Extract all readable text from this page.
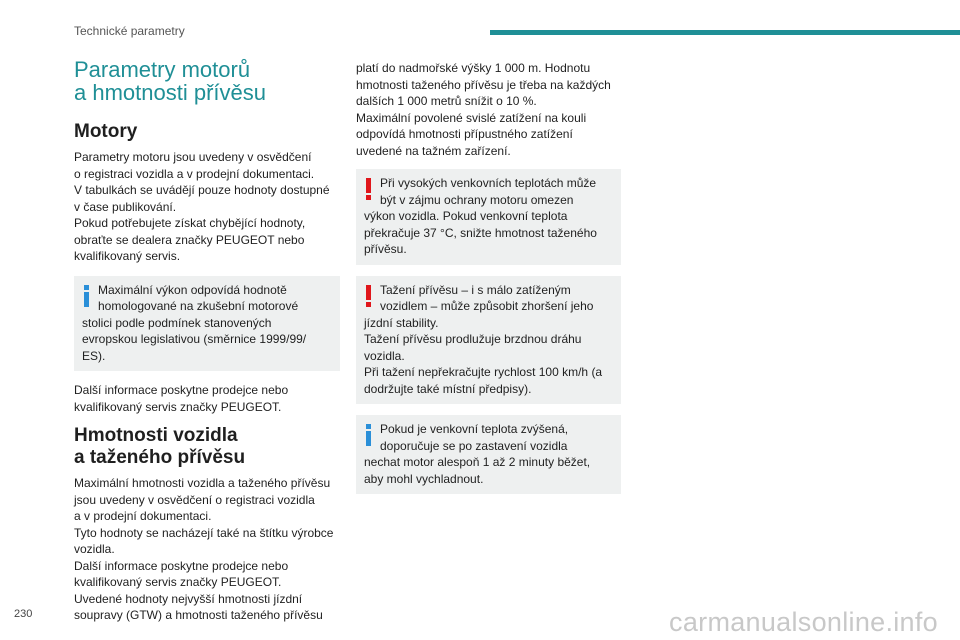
Technické parametry
Parametry motorů
a hmotnosti přívěsu
Motory

Parametry motoru jsou uvedeny v osvědčení
o registraci vozidla a v prodejní dokumentaci.
V tabulkách se uvádějí pouze hodnoty dostupné
v čase publikování.
Pokud potřebujete získat chybějící hodnoty,
obraťte se dealera značky PEUGEOT nebo
kvalifikovaný servis.

Maximální výkon odpovídá hodnotě
homologované na zkušební motorové
stolici podle podmínek stanovených
evropskou legislativou (směrnice 1999/99/
ES).

Další informace poskytne prodejce nebo
kvalifikovaný servis značky PEUGEOT.

Hmotnosti vozidla
a taženého přívěsu

Maximální hmotnosti vozidla a taženého přívěsu
jsou uvedeny v osvědčení o registraci vozidla
a v prodejní dokumentaci.
Tyto hodnoty se nacházejí také na štítku výrobce
vozidla.
Další informace poskytne prodejce nebo
kvalifikovaný servis značky PEUGEOT.
Uvedené hodnoty nejvyšší hmotnosti jízdní
soupravy (GTW) a hmotnosti taženého přívěsu

platí do nadmořské výšky 1 000 m. Hodnotu
hmotnosti taženého přívěsu je třeba na každých
dalších 1 000 metrů snížit o 10 %.
Maximální povolené svislé zatížení na kouli
odpovídá hmotnosti přípustného zatížení
uvedené na tažném zařízení.

Při vysokých venkovních teplotách může
být v zájmu ochrany motoru omezen
výkon vozidla. Pokud venkovní teplota
překračuje 37 °C, snižte hmotnost taženého
přívěsu.
Tažení přívěsu – i s málo zatíženým
vozidlem – může způsobit zhoršení jeho
jízdní stability.
Tažení přívěsu prodlužuje brzdnou dráhu
vozidla.
Při tažení nepřekračujte rychlost 100 km/h (a
dodržujte také místní předpisy).
Pokud je venkovní teplota zvýšená,
doporučuje se po zastavení vozidla
nechat motor alespoň 1 až 2 minuty běžet,
aby mohl vychladnout.
230	carmanualsonline.info
